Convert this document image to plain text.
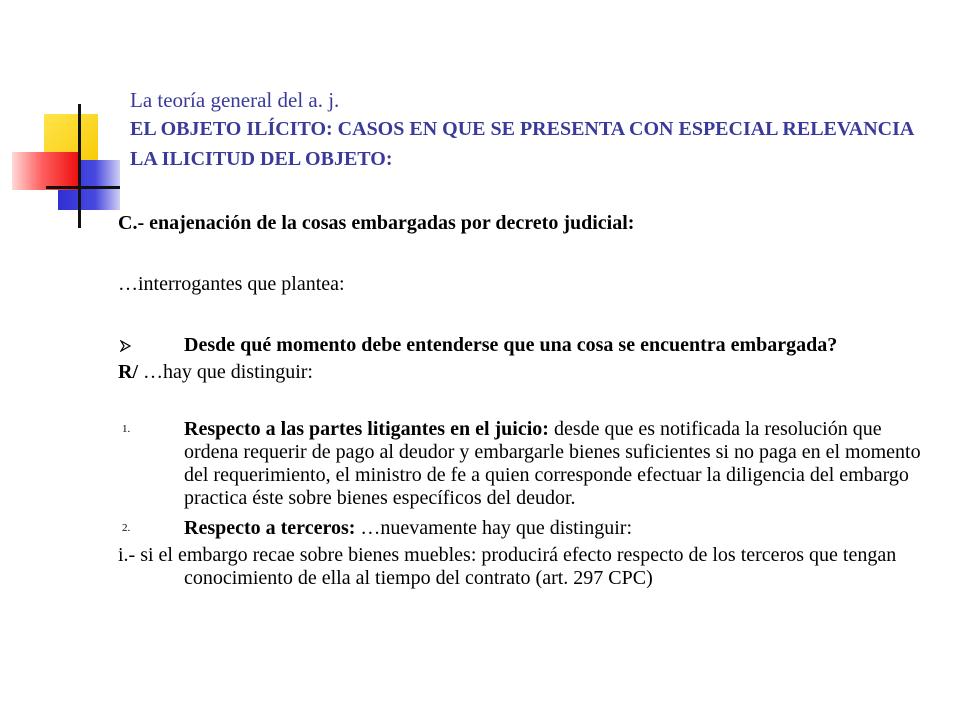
La teoría general del a. j.
EL OBJETO ILÍCITO: CASOS EN QUE SE PRESENTA CON ESPECIAL RELEVANCIA LA ILICITUD DEL OBJETO:

C.- enajenación de la cosas embargadas por decreto judicial:

…interrogantes que plantea:

Desde qué momento debe entenderse que una cosa se encuentra embargada?

R/ …hay que distinguir:

1.	Respecto a las partes litigantes en el juicio: desde que es notificada la resolución que ordena requerir de pago al deudor y embargarle bienes suficientes si no paga en el momento del requerimiento, el ministro de fe a quien corresponde efectuar la diligencia del embargo practica éste sobre bienes específicos del deudor.
2.	Respecto a terceros: …nuevamente hay que distinguir:

i.- si el embargo recae sobre bienes muebles: producirá efecto respecto de los terceros que tengan conocimiento de ella al tiempo del contrato (art. 297 CPC)
